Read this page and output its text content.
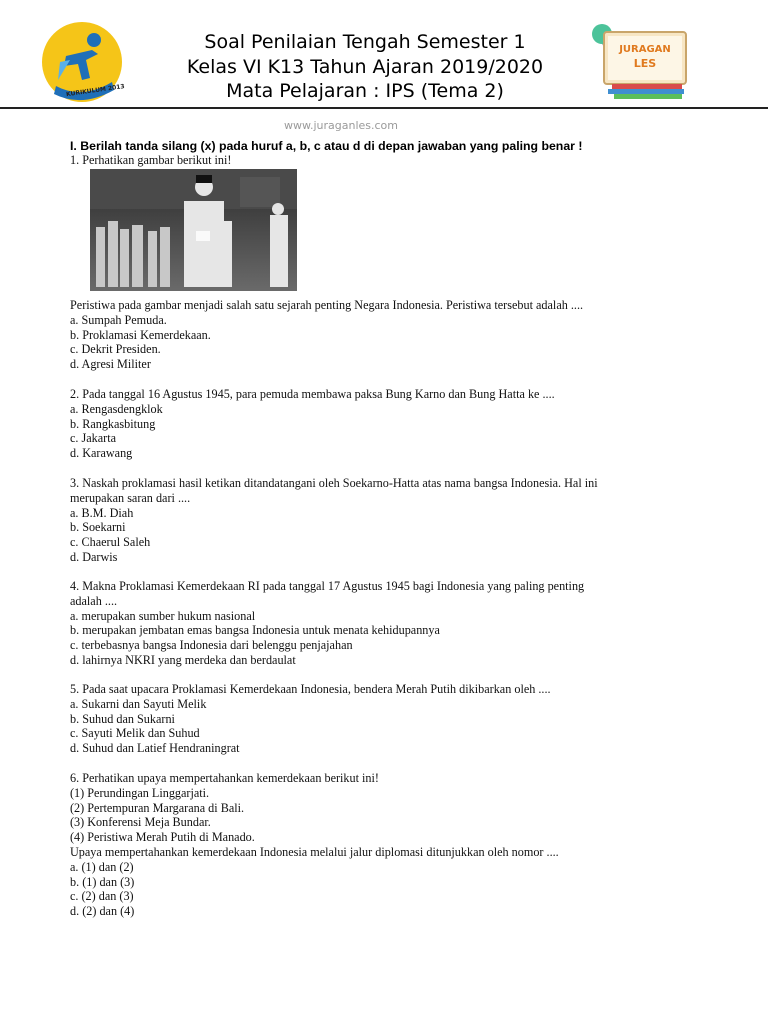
KURIKULUM 2013
Soal Penilaian Tengah Semester 1
Kelas VI K13 Tahun Ajaran 2019/2020
Mata Pelajaran : IPS (Tema 2)
JURAGAN
LES
www.juraganles.com
I. Berilah tanda silang (x) pada huruf a, b, c atau d di depan jawaban yang paling benar !
1. Perhatikan gambar berikut ini!
Peristiwa pada gambar menjadi salah satu sejarah penting Negara Indonesia. Peristiwa tersebut adalah ....
a. Sumpah Pemuda.
b. Proklamasi Kemerdekaan.
c. Dekrit Presiden.
d. Agresi Militer
2. Pada tanggal 16 Agustus 1945, para pemuda membawa paksa Bung Karno dan Bung Hatta ke ....
a. Rengasdengklok
b. Rangkasbitung
c. Jakarta
d. Karawang
3. Naskah proklamasi hasil ketikan ditandatangani oleh Soekarno-Hatta atas nama bangsa Indonesia. Hal ini
merupakan saran dari ....
a. B.M. Diah
b. Soekarni
c. Chaerul Saleh
d. Darwis
4. Makna Proklamasi Kemerdekaan RI pada tanggal 17 Agustus 1945 bagi Indonesia yang paling penting
adalah ....
a. merupakan sumber hukum nasional
b. merupakan jembatan emas bangsa Indonesia untuk menata kehidupannya
c. terbebasnya bangsa Indonesia dari belenggu penjajahan
d. lahirnya NKRI yang merdeka dan berdaulat
5. Pada saat upacara Proklamasi Kemerdekaan Indonesia, bendera Merah Putih dikibarkan oleh ....
a. Sukarni dan Sayuti Melik
b. Suhud dan Sukarni
c. Sayuti Melik dan Suhud
d. Suhud dan Latief Hendraningrat
6. Perhatikan upaya mempertahankan kemerdekaan berikut ini!
(1) Perundingan Linggarjati.
(2) Pertempuran Margarana di Bali.
(3) Konferensi Meja Bundar.
(4) Peristiwa Merah Putih di Manado.
Upaya mempertahankan kemerdekaan Indonesia melalui jalur diplomasi ditunjukkan oleh nomor ....
a. (1) dan (2)
b. (1) dan (3)
c. (2) dan (3)
d. (2) dan (4)
